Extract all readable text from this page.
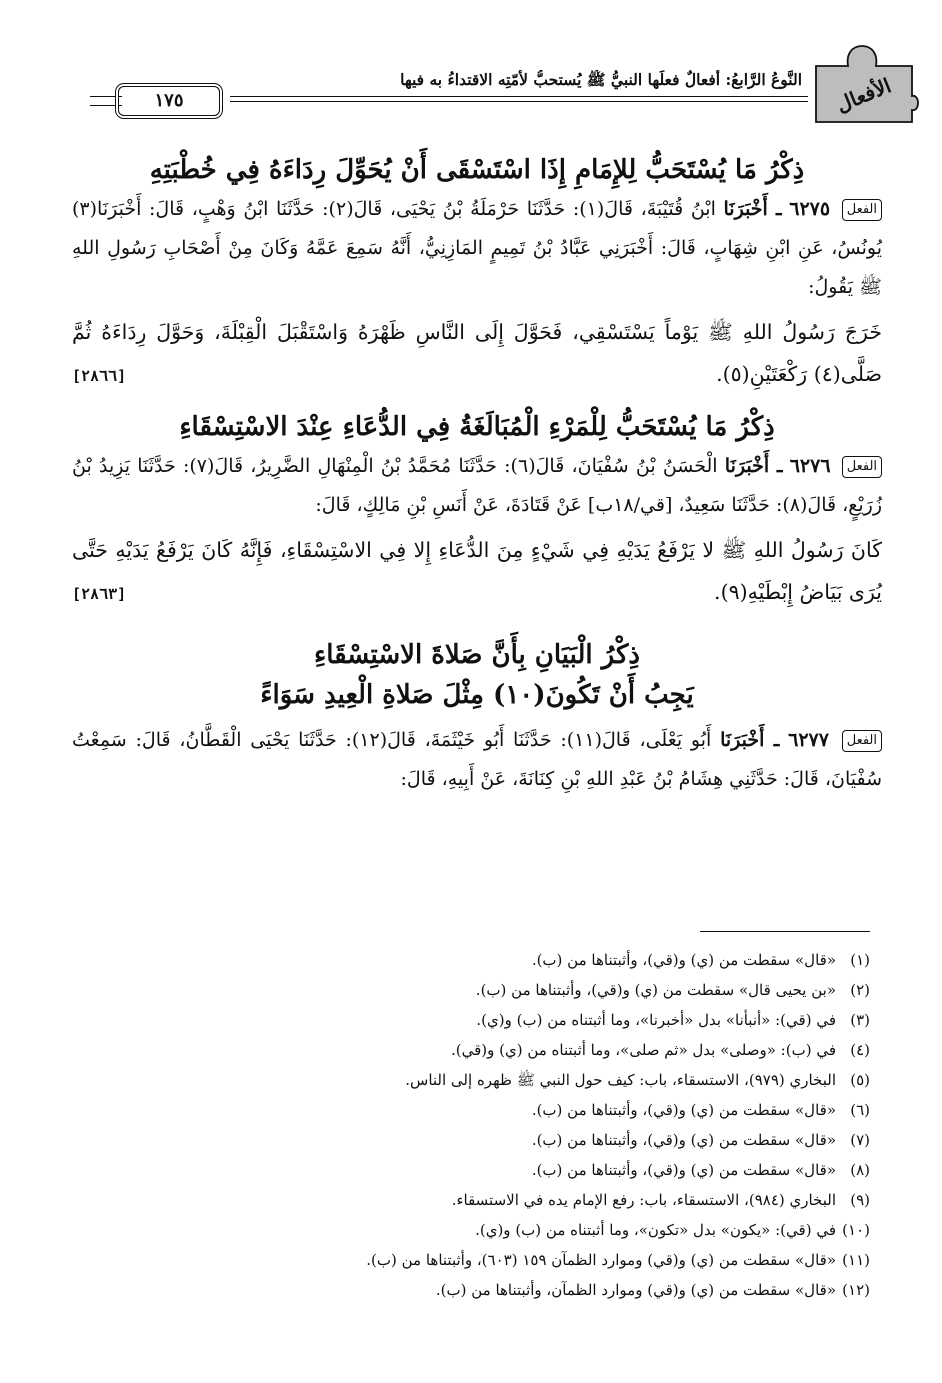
الأفعال
النَّوعُ الرَّابعُ: أفعالٌ فعلَها النبيُّ ﷺ يُستحبُّ لأمّتِه الاقتداءُ به فيها
١٧٥
ذِكْرُ مَا يُسْتَحَبُّ لِلإِمَامِ إِذَا اسْتَسْقَى أَنْ يُحَوِّلَ رِدَاءَهُ فِي خُطْبَتِهِ

الفعل ٦٢٧٥ ـ أَخْبَرَنَا ابْنُ قُتَيْبَةَ، قَالَ(١): حَدَّثَنَا حَرْمَلَةُ بْنُ يَحْيَى، قَالَ(٢): حَدَّثَنَا ابْنُ وَهْبٍ، قَالَ: أَخْبَرَنَا(٣) يُونُسُ، عَنِ ابْنِ شِهَابٍ، قَالَ: أَخْبَرَنِي عَبَّادُ بْنُ تَمِيمٍ المَازِنِيُّ، أَنَّهُ سَمِعَ عَمَّهُ وَكَانَ مِنْ أَصْحَابِ رَسُولِ اللهِ ﷺ يَقُولُ:

خَرَجَ رَسُولُ اللهِ ﷺ يَوْماً يَسْتَسْقِي، فَحَوَّلَ إِلَى النَّاسِ ظَهْرَهُ وَاسْتَقْبَلَ الْقِبْلَةَ، وَحَوَّلَ رِدَاءَهُ ثُمَّ صَلَّى(٤) رَكْعَتَيْنِ(٥).
[٢٨٦٦]

ذِكْرُ مَا يُسْتَحَبُّ لِلْمَرْءِ الْمُبَالَغَةُ فِي الدُّعَاءِ عِنْدَ الاسْتِسْقَاءِ

الفعل ٦٢٧٦ ـ أَخْبَرَنَا الْحَسَنُ بْنُ سُفْيَانَ، قَالَ(٦): حَدَّثَنَا مُحَمَّدُ بْنُ الْمِنْهَالِ الضَّرِيرُ، قَالَ(٧): حَدَّثَنَا يَزِيدُ بْنُ زُرَيْعٍ، قَالَ(٨): حَدَّثَنَا سَعِيدٌ، [قي/١٨ب] عَنْ قَتَادَةَ، عَنْ أَنَسِ بْنِ مَالِكٍ، قَالَ:

كَانَ رَسُولُ اللهِ ﷺ لا يَرْفَعُ يَدَيْهِ فِي شَيْءٍ مِنَ الدُّعَاءِ إِلا فِي الاسْتِسْقَاءِ، فَإِنَّهُ كَانَ يَرْفَعُ يَدَيْهِ حَتَّى يُرَى بَيَاضُ إِبْطَيْهِ(٩).
[٢٨٦٣]

ذِكْرُ الْبَيَانِ بِأَنَّ صَلاةَ الاسْتِسْقَاءِ
يَجِبُ أَنْ تَكُونَ(١٠) مِثْلَ صَلاةِ الْعِيدِ سَوَاءً

الفعل ٦٢٧٧ ـ أَخْبَرَنَا أَبُو يَعْلَى، قَالَ(١١): حَدَّثَنَا أَبُو خَيْثَمَةَ، قَالَ(١٢): حَدَّثَنَا يَحْيَى الْقَطَّانُ، قَالَ: سَمِعْتُ سُفْيَانَ، قَالَ: حَدَّثَنِي هِشَامُ بْنُ عَبْدِ اللهِ بْنِ كِنَانَةَ، عَنْ أَبِيهِ، قَالَ:

(١)«قال» سقطت من (ي) و(قي)، وأثبتناها من (ب).
(٢)«بن يحيى قال» سقطت من (ي) و(قي)، وأثبتناها من (ب).
(٣)في (قي): «أنبأنا» بدل «أخبرنا»، وما أثبتناه من (ب) و(ي).
(٤)في (ب): «وصلى» بدل «ثم صلى»، وما أثبتناه من (ي) و(قي).
(٥)البخاري (٩٧٩)، الاستسقاء، باب: كيف حول النبي ﷺ ظهره إلى الناس.
(٦)«قال» سقطت من (ي) و(قي)، وأثبتناها من (ب).
(٧)«قال» سقطت من (ي) و(قي)، وأثبتناها من (ب).
(٨)«قال» سقطت من (ي) و(قي)، وأثبتناها من (ب).
(٩)البخاري (٩٨٤)، الاستسقاء، باب: رفع الإمام يده في الاستسقاء.
(١٠)في (قي): «يكون» بدل «تكون»، وما أثبتناه من (ب) و(ي).
(١١)«قال» سقطت من (ي) و(قي) وموارد الظمآن ١٥٩ (٦٠٣)، وأثبتناها من (ب).
(١٢)«قال» سقطت من (ي) و(قي) وموارد الظمآن، وأثبتناها من (ب).
